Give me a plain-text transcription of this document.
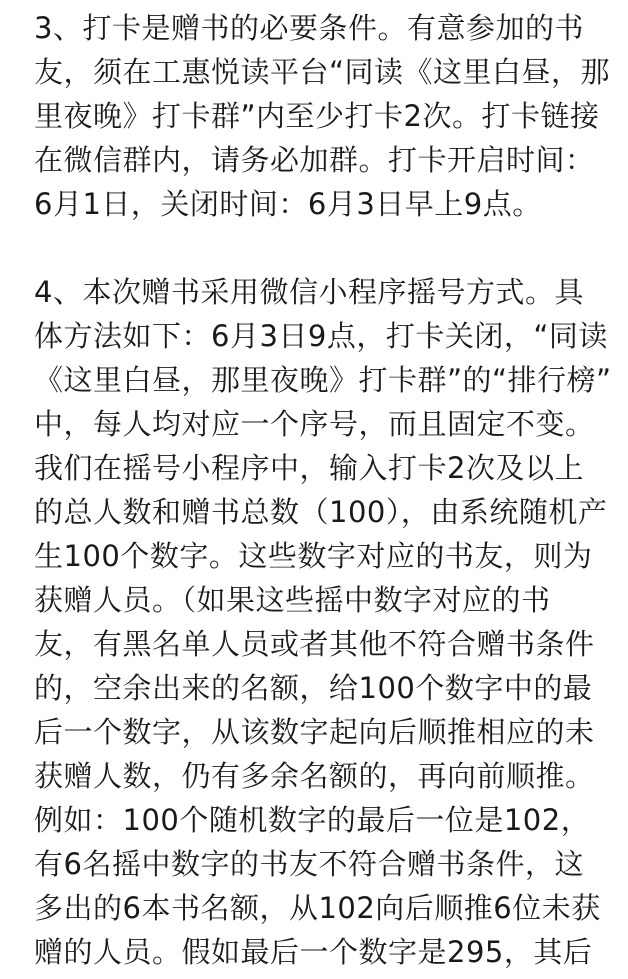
3、打卡是赠书的必要条件。有意参加的书
友，须在工惠悦读平台“同读《这里白昼，那
里夜晚》打卡群”内至少打卡2次。打卡链接
在微信群内，请务必加群。打卡开启时间：
6月1日，关闭时间：6月3日早上9点。
4、本次赠书采用微信小程序摇号方式。具
体方法如下：6月3日9点，打卡关闭，“同读
《这里白昼，那里夜晚》打卡群”的“排行榜”
中，每人均对应一个序号，而且固定不变。
我们在摇号小程序中，输入打卡2次及以上
的总人数和赠书总数（100），由系统随机产
生100个数字。这些数字对应的书友，则为
获赠人员。（如果这些摇中数字对应的书
友，有黑名单人员或者其他不符合赠书条件
的，空余出来的名额，给100个数字中的最
后一个数字，从该数字起向后顺推相应的未
获赠人数，仍有多余名额的，再向前顺推。
例如：100个随机数字的最后一位是102，
有6名摇中数字的书友不符合赠书条件，这
多出的6本书名额，从102向后顺推6位未获
赠的人员。假如最后一个数字是295，其后
